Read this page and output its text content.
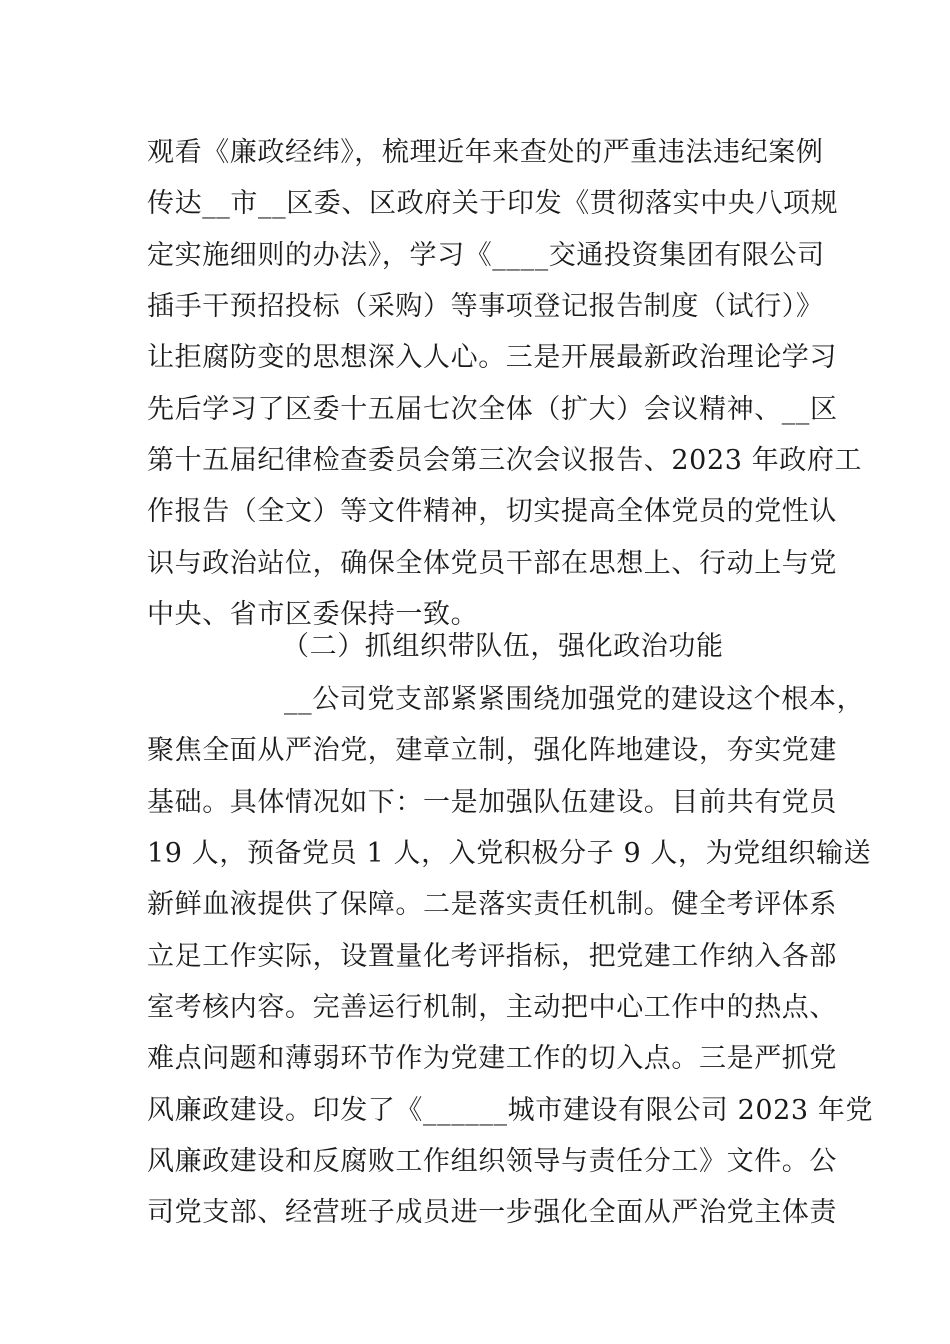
观看《廉政经纬》，梳理近年来查处的严重违法违纪案例
传达__市__区委、区政府关于印发《贯彻落实中央八项规
定实施细则的办法》，学习《____交通投资集团有限公司
插手干预招投标（采购）等事项登记报告制度（试行）》
让拒腐防变的思想深入人心。三是开展最新政治理论学习
先后学习了区委十五届七次全体（扩大）会议精神、__区
第十五届纪律检查委员会第三次会议报告、2023 年政府工
作报告（全文）等文件精神，切实提高全体党员的党性认
识与政治站位，确保全体党员干部在思想上、行动上与党
中央、省市区委保持一致。
（二）抓组织带队伍，强化政治功能
__公司党支部紧紧围绕加强党的建设这个根本，
聚焦全面从严治党，建章立制，强化阵地建设，夯实党建
基础。具体情况如下：一是加强队伍建设。目前共有党员
19 人，预备党员 1 人，入党积极分子 9 人，为党组织输送
新鲜血液提供了保障。二是落实责任机制。健全考评体系
立足工作实际，设置量化考评指标，把党建工作纳入各部
室考核内容。完善运行机制，主动把中心工作中的热点、
难点问题和薄弱环节作为党建工作的切入点。三是严抓党
风廉政建设。印发了《______城市建设有限公司 2023 年党
风廉政建设和反腐败工作组织领导与责任分工》文件。公
司党支部、经营班子成员进一步强化全面从严治党主体责
